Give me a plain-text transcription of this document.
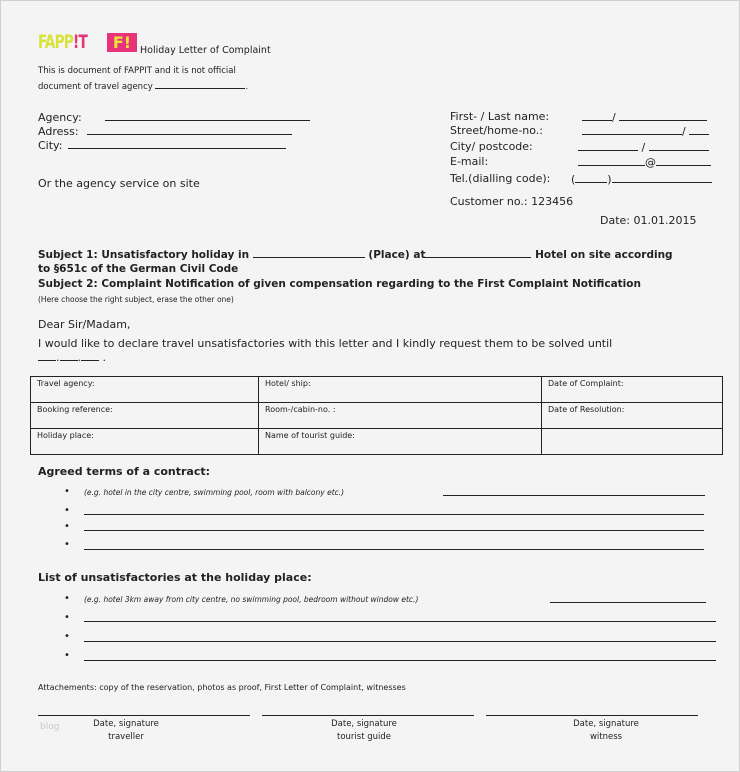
FAPP!T	F! Holiday Letter of Complaint
This is document of FAPPIT and it is not official
document of travel agency	.
Agency:
Adress:
City:
Or the agency service on site
First- / Last name:	/
Street/home-no.:	/
City/ postcode:	/
E-mail:	@
Tel.(dialling code): (	)
Customer no.: 123456
Date: 01.01.2015
Subject 1: Unsatisfactory holiday in	(Place) at	Hotel on site according
to §651c of the German Civil Code
Subject 2: Complaint Notification of given compensation regarding to the First Complaint Notification
(Here choose the right subject, erase the other one)
Dear Sir/Madam,
I would like to declare travel unsatisfactories with this letter and I kindly request them to be solved until
. . .
Travel agency:	Hotel/ ship:	Date of Complaint:
Booking reference:	Room-/cabin-no. :	Date of Resolution:
Holiday place:	Name of tourist guide:	
Agreed terms of a contract:
• (e.g. hotel in the city centre, swimming pool, room with balcony etc.)
•
•
•
List of unsatisfactories at the holiday place:
• (e.g. hotel 3km away from city centre, no swimming pool, bedroom without window etc.)
•
•
•
Attachements: copy of the reservation, photos as proof, First Letter of Complaint, witnesses
blog	Date, signature
traveller
Date, signature
tourist guide
Date, signature
witness
